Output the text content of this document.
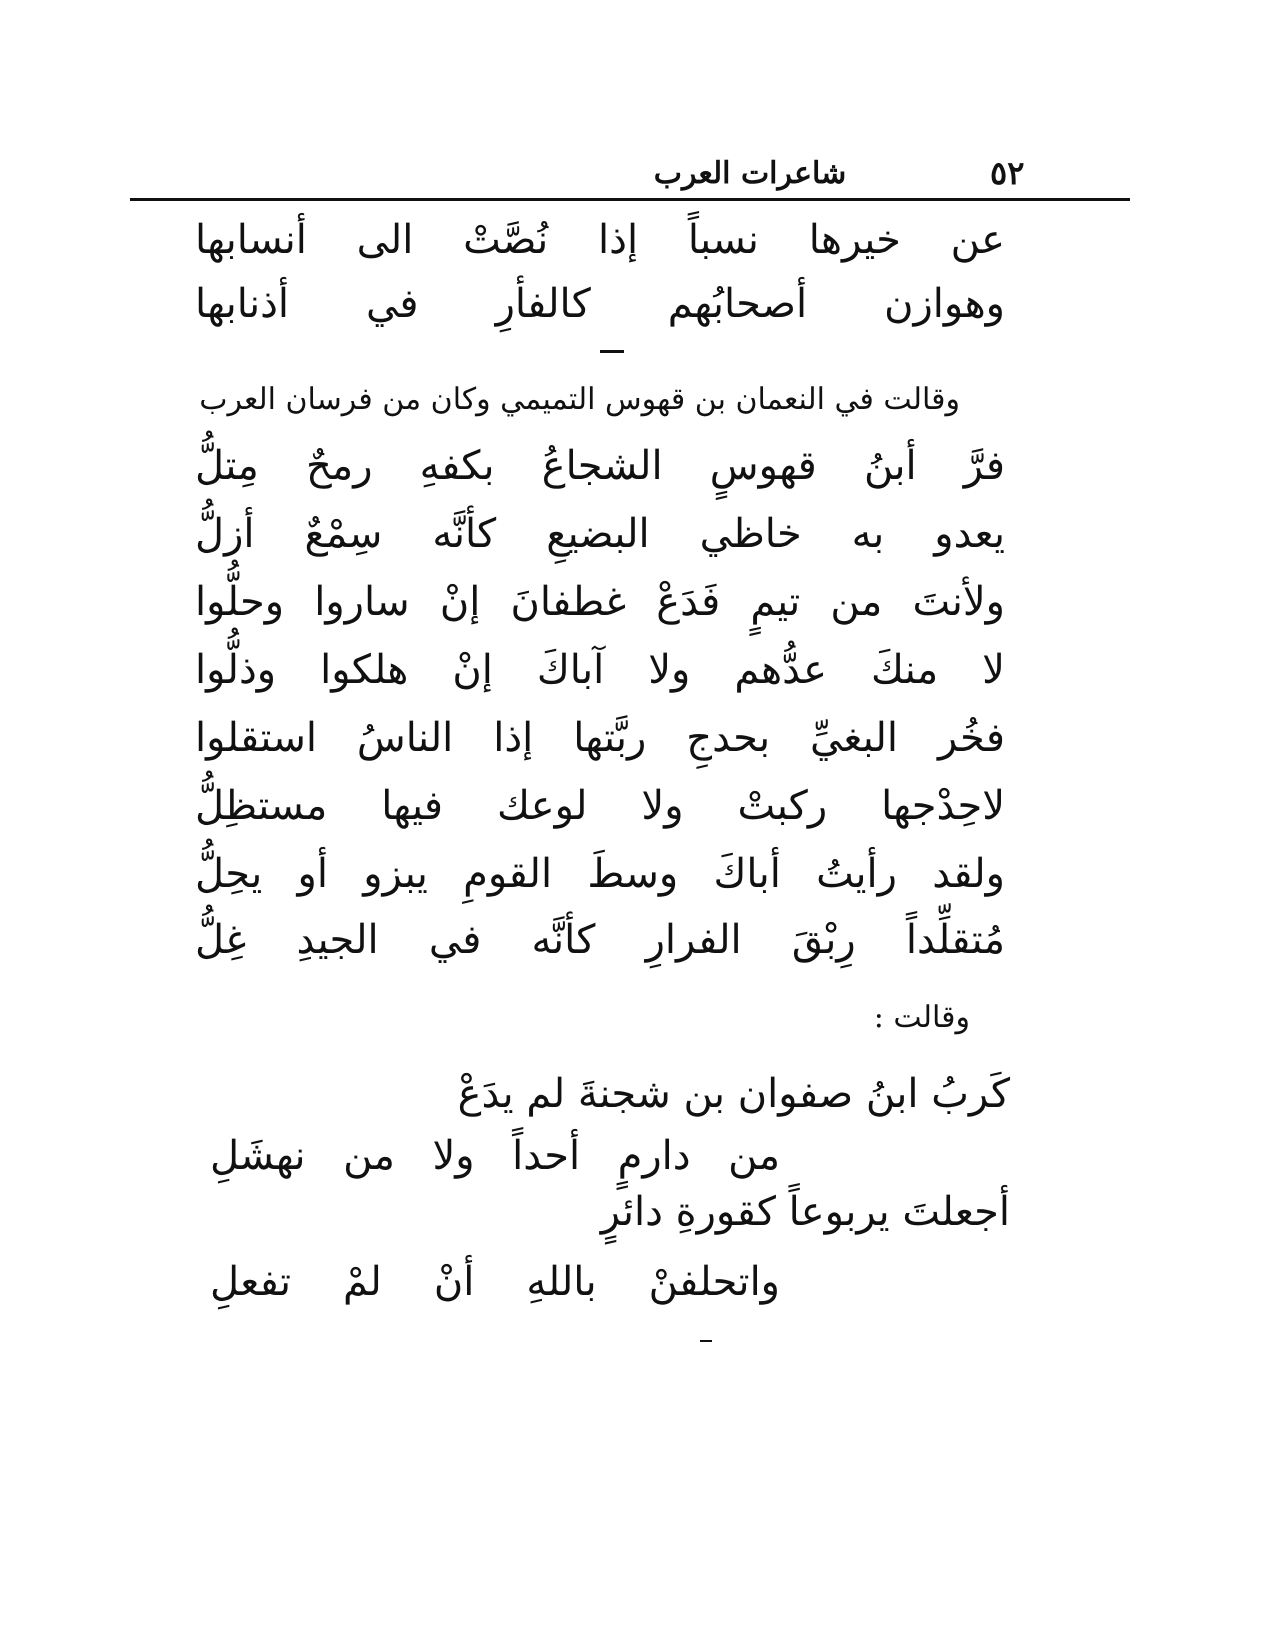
٥٢
شاعرات العرب
عن خيرها نسباً إذا نُصَّتْ الى أنسابها
وهوازن أصحابُهم كالفأرِ في أذنابها
وقالت في النعمان بن قهوس التميمي وكان من فرسان العرب
فرَّ أبنُ قهوسٍ الشجاعُ بكفهِ رمحٌ مِتلُّ
يعدو به خاظي البضيعِ كأنَّه سِمْعٌ أزلُّ
ولأنتَ من تيمٍ فَدَعْ غطفانَ إنْ ساروا وحلُّوا
لا منكَ عدُّهم ولا آباكَ إنْ هلكوا وذلُّوا
فخُر البغيِّ بحدجِ ربَّتها إذا الناسُ استقلوا
لاحِدْجها ركبتْ ولا لوعك فيها مستظِلُّ
ولقد رأيتُ أباكَ وسطَ القومِ يبزو أو يحِلُّ
مُتقلِّداً رِبْقَ الفرارِ كأنَّه في الجيدِ غِلُّ
وقالت :
كَربُ ابنُ صفوان بن شجنةَ لم يدَعْ
من دارمٍ أحداً ولا من نهشَلِ
أجعلتَ يربوعاً كقورةِ دائرٍ
واتحلفنْ باللهِ أنْ لمْ تفعلِ
